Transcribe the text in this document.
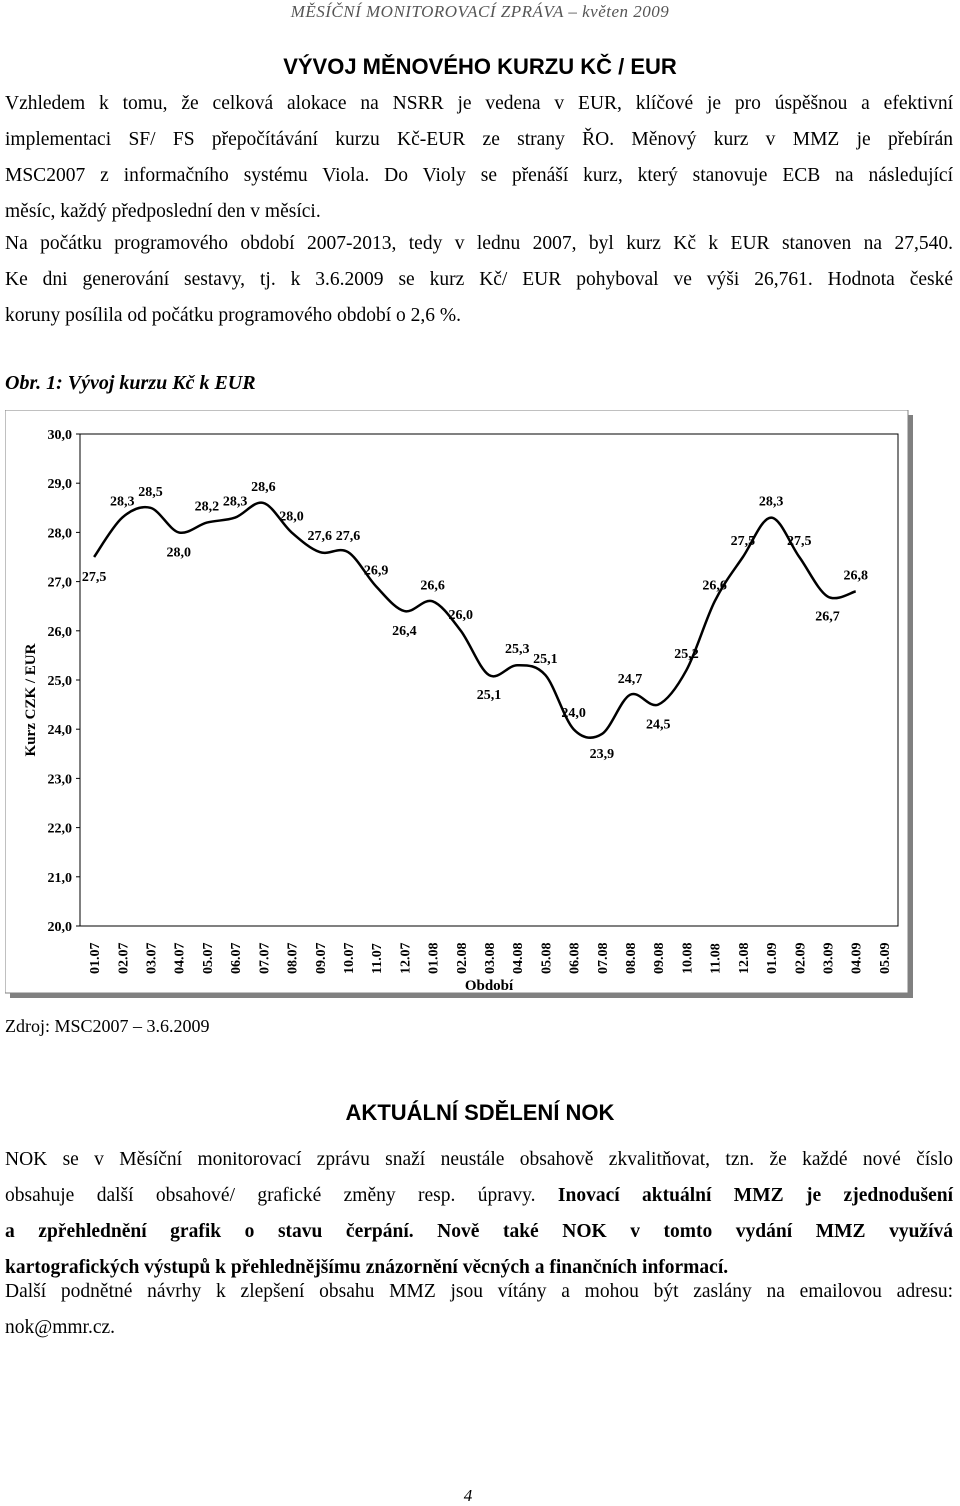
MĚSÍČNÍ MONITOROVACÍ ZPRÁVA – květen 2009
VÝVOJ MĚNOVÉHO KURZU KČ / EUR
Vzhledem k tomu, že celková alokace na NSRR je vedena v EUR, klíčové je pro úspěšnou a efektivní
implementaci SF/ FS přepočítávání kurzu Kč-EUR ze strany ŘO. Měnový kurz v MMZ je přebírán
MSC2007 z informačního systému Viola. Do Violy se přenáší kurz, který stanovuje ECB na následující
měsíc, každý předposlední den v měsíci.
Na počátku programového období 2007-2013, tedy v lednu 2007, byl kurz Kč k EUR stanoven na 27,540.
Ke dni generování sestavy, tj. k 3.6.2009 se kurz Kč/ EUR pohyboval ve výši 26,761. Hodnota české
koruny posílila od počátku programového období o 2,6 %.
Obr. 1: Vývoj kurzu Kč k EUR
20,0
21,0
22,0
23,0
24,0
25,0
26,0
27,0
28,0
29,0
30,0
01.07 02.07 03.07 04.07 05.07 06.07 07.07 08.07 09.07 10.07 11.07 12.07 01.08 02.08 03.08 04.08 05.08 06.08 07.08 08.08 09.08 10.08 11.08 12.08 01.09 02.09 03.09 04.09 05.09
27,5
28,3
28,5
28,0
28,2 28,3
28,6
28,0
27,6 27,6
26,9
26,4
26,6
26,0
25,1
25,3
25,1
24,0
23,9
24,7
24,5
25,2
26,6
27,5
28,3
27,5
26,7
26,8
Kurz CZK / EUR
Období
Zdroj: MSC2007 – 3.6.2009
AKTUÁLNÍ SDĚLENÍ NOK
NOK se v Měsíční monitorovací zprávu snaží neustále obsahově zkvalitňovat, tzn. že každé nové číslo
obsahuje další obsahové/ grafické změny resp. úpravy. Inovací aktuální MMZ je zjednodušení
a zpřehlednění grafik o stavu čerpání. Nově také NOK v tomto vydání MMZ využívá
kartografických výstupů k přehlednějšímu znázornění věcných a finančních informací.
Další podnětné návrhy k zlepšení obsahu MMZ jsou vítány a mohou být zaslány na emailovou adresu:
nok@mmr.cz.
4
